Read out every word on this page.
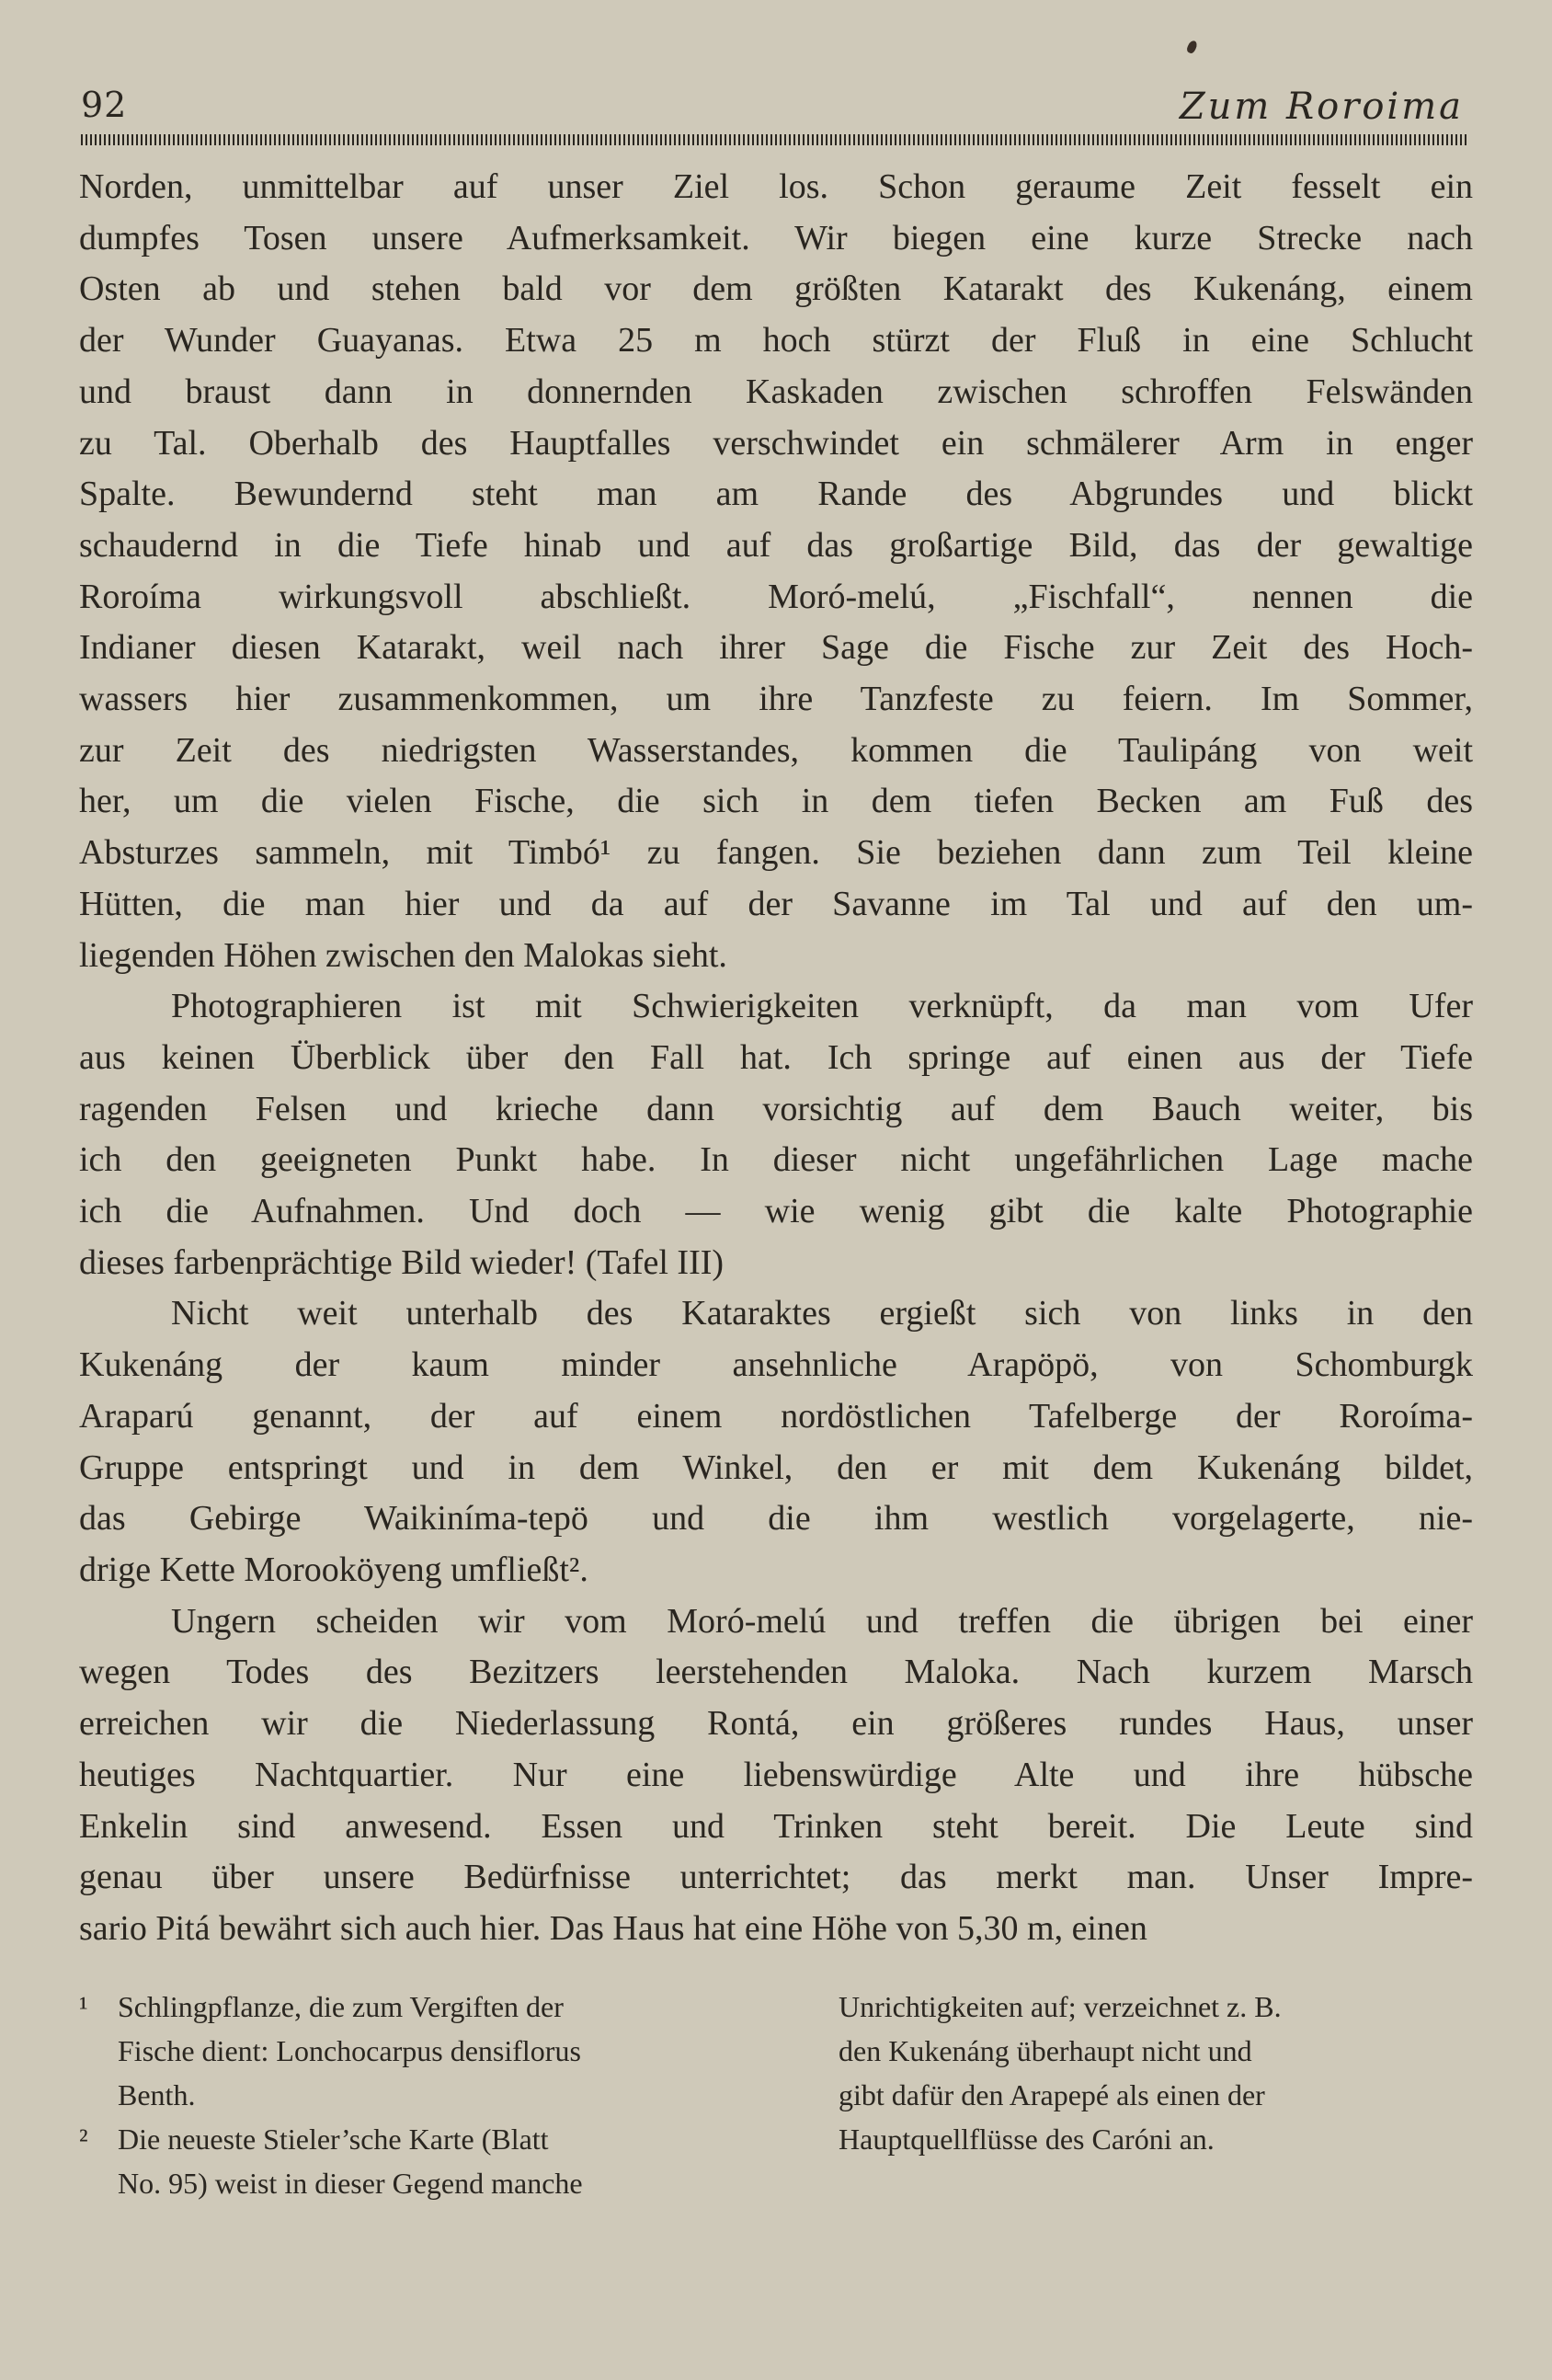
92	Zum Roroima

Norden, unmittelbar auf unser Ziel los. Schon geraume Zeit fesselt ein
dumpfes Tosen unsere Aufmerksamkeit. Wir biegen eine kurze Strecke nach
Osten ab und stehen bald vor dem größten Katarakt des Kukenáng, einem
der Wunder Guayanas. Etwa 25 m hoch stürzt der Fluß in eine Schlucht
und braust dann in donnernden Kaskaden zwischen schroffen Felswänden
zu Tal. Oberhalb des Hauptfalles verschwindet ein schmälerer Arm in enger
Spalte. Bewundernd steht man am Rande des Abgrundes und blickt
schaudernd in die Tiefe hinab und auf das großartige Bild, das der gewaltige
Roroíma wirkungsvoll abschließt. Moró-melú, „Fischfall“, nennen die
Indianer diesen Katarakt, weil nach ihrer Sage die Fische zur Zeit des Hoch-
wassers hier zusammenkommen, um ihre Tanzfeste zu feiern. Im Sommer,
zur Zeit des niedrigsten Wasserstandes, kommen die Taulipáng von weit
her, um die vielen Fische, die sich in dem tiefen Becken am Fuß des
Absturzes sammeln, mit Timbó¹ zu fangen. Sie beziehen dann zum Teil kleine
Hütten, die man hier und da auf der Savanne im Tal und auf den um-
liegenden Höhen zwischen den Malokas sieht.

Photographieren ist mit Schwierigkeiten verknüpft, da man vom Ufer
aus keinen Überblick über den Fall hat. Ich springe auf einen aus der Tiefe
ragenden Felsen und krieche dann vorsichtig auf dem Bauch weiter, bis
ich den geeigneten Punkt habe. In dieser nicht ungefährlichen Lage mache
ich die Aufnahmen. Und doch — wie wenig gibt die kalte Photographie
dieses farbenprächtige Bild wieder! (Tafel III)

Nicht weit unterhalb des Kataraktes ergießt sich von links in den
Kukenáng der kaum minder ansehnliche Arapöpö, von Schomburgk
Araparú genannt, der auf einem nordöstlichen Tafelberge der Roroíma-
Gruppe entspringt und in dem Winkel, den er mit dem Kukenáng bildet,
das Gebirge Waikiníma-tepö und die ihm westlich vorgelagerte, nie-
drige Kette Morooköyeng umfließt².

Ungern scheiden wir vom Moró-melú und treffen die übrigen bei einer
wegen Todes des Bezitzers leerstehenden Maloka. Nach kurzem Marsch
erreichen wir die Niederlassung Rontá, ein größeres rundes Haus, unser
heutiges Nachtquartier. Nur eine liebenswürdige Alte und ihre hübsche
Enkelin sind anwesend. Essen und Trinken steht bereit. Die Leute sind
genau über unsere Bedürfnisse unterrichtet; das merkt man. Unser Impre-
sario Pitá bewährt sich auch hier. Das Haus hat eine Höhe von 5,30 m, einen

¹ Schlingpflanze, die zum Vergiften der
Fische dient: Lonchocarpus densiflorus
Benth.
² Die neueste Stieler’sche Karte (Blatt
No. 95) weist in dieser Gegend manche
Unrichtigkeiten auf; verzeichnet z. B.
den Kukenáng überhaupt nicht und
gibt dafür den Arapepé als einen der
Hauptquellflüsse des Caróni an.
